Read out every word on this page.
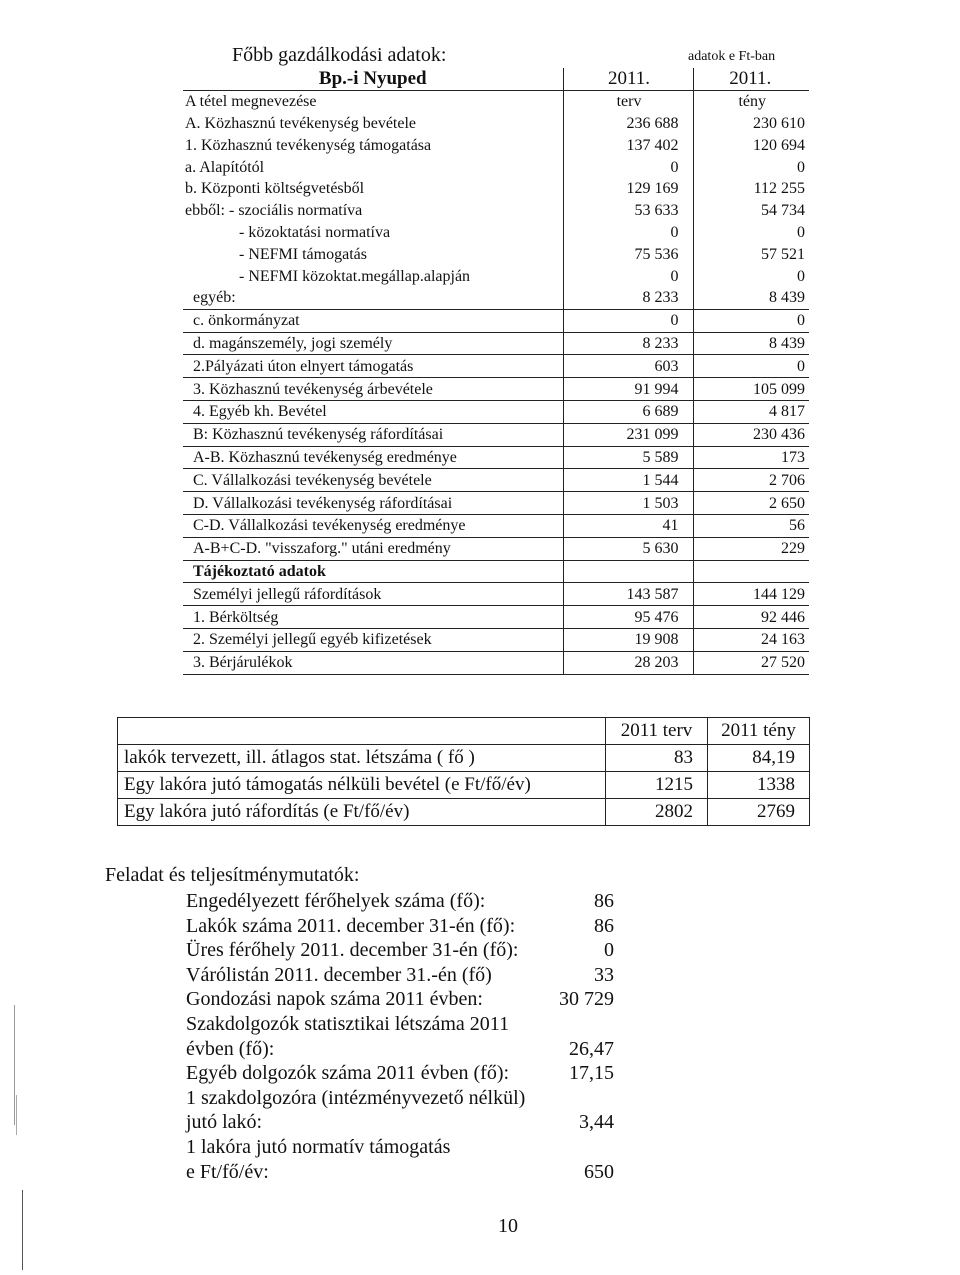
Főbb gazdálkodási adatok:	adatok e Ft-ban
Bp.-i Nyuped	2011.	2011.
A tétel megnevezése	terv	tény
A. Közhasznú tevékenység bevétele	236 688	230 610
1. Közhasznú tevékenység támogatása	137 402	120 694
a. Alapítótól	0	0
b. Központi költségvetésből	129 169	112 255
ebből: - szociális normatíva	53 633	54 734
- közoktatási normatíva	0	0
- NEFMI támogatás	75 536	57 521
- NEFMI közoktat.megállap.alapján	0	0
egyéb:	8 233	8 439
c. önkormányzat	0	0
d. magánszemély, jogi személy	8 233	8 439
2.Pályázati úton elnyert támogatás	603	0
3. Közhasznú tevékenység árbevétele	91 994	105 099
4. Egyéb kh. Bevétel	6 689	4 817
B: Közhasznú tevékenység ráfordításai	231 099	230 436
A-B. Közhasznú tevékenység eredménye	5 589	173
C. Vállalkozási tevékenység bevétele	1 544	2 706
D. Vállalkozási tevékenység ráfordításai	1 503	2 650
C-D. Vállalkozási tevékenység eredménye	41	56
A-B+C-D. "visszaforg." utáni eredmény	5 630	229
Tájékoztató adatok		
Személyi jellegű ráfordítások	143 587	144 129
1. Bérköltség	95 476	92 446
2. Személyi jellegű egyéb kifizetések	19 908	24 163
3. Bérjárulékok	28 203	27 520
	2011 terv	2011 tény
lakók tervezett, ill. átlagos stat. létszáma ( fő )	83	84,19
Egy lakóra jutó támogatás nélküli bevétel (e Ft/fő/év)	1215	1338
Egy lakóra jutó ráfordítás (e Ft/fő/év)	2802	2769
Feladat és teljesítménymutatók:
Engedélyezett férőhelyek száma (fő):	86
Lakók száma 2011. december 31-én (fő):	86
Üres férőhely 2011. december 31-én (fő):	0
Várólistán 2011. december 31.-én (fő)	33
Gondozási napok száma 2011 évben:	30 729
Szakdolgozók statisztikai létszáma 2011
évben (fő):	26,47
Egyéb dolgozók száma 2011 évben (fő):	17,15
1 szakdolgozóra (intézményvezető nélkül)
jutó lakó:	3,44
1 lakóra jutó normatív támogatás
e Ft/fő/év:	650
10
